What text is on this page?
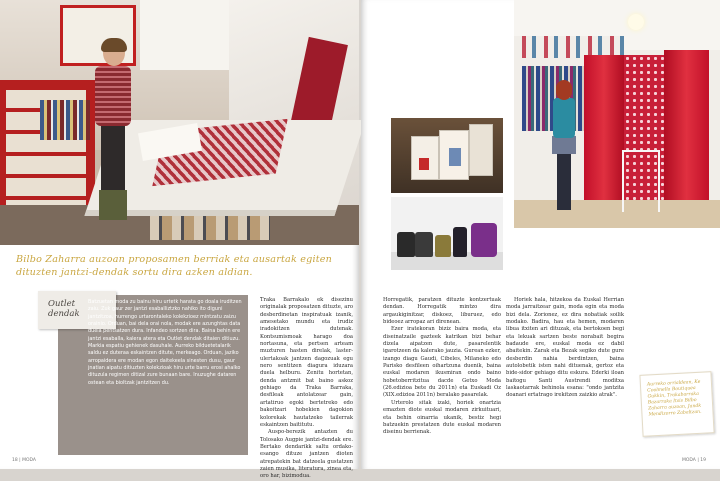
Bilbo Zaharra auzoan proposamen berriak eta ausartak egiten dituzten jantzi-dendak sortu dira azken aldian.
Outlet dendak
Batzuetan moda zu bainu hiru urtetk harata go doala iruditzen zaiu. Zuk gaur zer jantzi esaballiztzko nahiko ito diguni jantzitzoa, hurrengo urtarontaleko kolekzioez mintzatu zaizu orainio. Orduan, bai dela orai nola, modak ere azunghtas data duela pentsatzen dura. Infandeo sortzen dira. Baina behin ere jantzi esaballa, kalera atera eta Outlet dendak ditaien ditiuzu. Markia espatiu gehienek dasuhale. Aurreko bilduetetalarik saldu ez duteraa eskaintzen ditute, merkeago. Orduan, jaziko arropaidera ere modan egon daitekeela sinesten dusu, gaur jnatian aipatu ditiuzten kolekzioak hiru urte barru erosi ahalko dituzula regimen ditizal zure bunaan bare. Inuzughe dataren ostean eta bioltzak jantzitzen du.

Traka Barrakalo ek disezinu originalak proposatzen dituzte, aro desberdinetan inspiratuak izanik, amesetako mundu eta irudiz iradokitzen dutenak. Kontsumismoak harago doa nortasuna, eta pertsen arteam muzturen hasten direlak, laster-ulertakoak jantzen dagozuak egu nero sentitzen diagura iduzara duela helburu. Zenitu hortetan, denda antzmit bat baino askoz gehiago da Traka Barraka, desfileak antolatzear gain, artatiruo egoki bertetreko edo bakoitzari hobekien dagokion kolorekak hautatzeko tailerrak eskaintzen baititutu.

Auspo-berezik antazten du Tolosako Augpie jantzi-dendak ere. Bertako dendarikk saltu ordako-esango dituze jantzen dioten atrepatekin bat datzeela gustatzen zaien musika, literatura, zinea eta, oro har, bizimodua.

18 | MODA

Horregatik, paratzen dituzte kontzertuak dendan. Horregatik mintzo dira argaukiginitzar, diskoez, liburuez, edo bideoez arropaz ari direnean.

Ezer iratekoran biziz baira moda, eta diseinatzaile gazteek katrikan bizi behar dizela aipatzen dute, pasarelentik igarotzeen da kalerako jauzia. Gurean ezker, izango diagu Gaudi, Cibeles, Milaneko edo Parisko desfileen oihartzuna duenik, baina euskal modaren ikusmiran ondo baino hobetoberritzitua dacde Getxo Moda (26.edizioa bete du 2011n) eta Euskadi Oz (XIX.edizioa 2011n) beralako pasarelak.

Urterolo sitak izaki, horiek onartzia emazten diote euskal modaren zirkuituari, eta behin oinarria ukanik, bestiz hegi batzuekin prestatzen dute euskal modaren diseinu berrienak.

Horiek hala, hitzekoa da Euskal Herrian moda jarraitzear gain, moda egin eta moda bizi dela. Zorionez, ez dira nobatiak soilik modako. Badira, hau eta hemen, modaren libua itxiten ari dituzak, eta bertokoen begi eta lekuak sartzen beste norabait begira badaude ere, euskal moda ez dabil abaitekin. Zarak eta Bezak segiko dute gure desberdin nahia berdintzen, baina autolobetik isten nahi dituenak, gertoz eta bide-sidor gehiago ditu eskura. Ederki iloan baitogu Santi Austrendi moditxa laskaotarrak behinola esana: "ondo jantzita doanari ertatrago irekitzen zaizkio atrak".

Aurreko orrialdean, Ke Coolmella Boutiquea Gukkin, Trakabarraka Bazarraka Itsis Bilbo Zaharra auzoan, Jandk Mendizorro Zabaltzan.
MODA | 19
